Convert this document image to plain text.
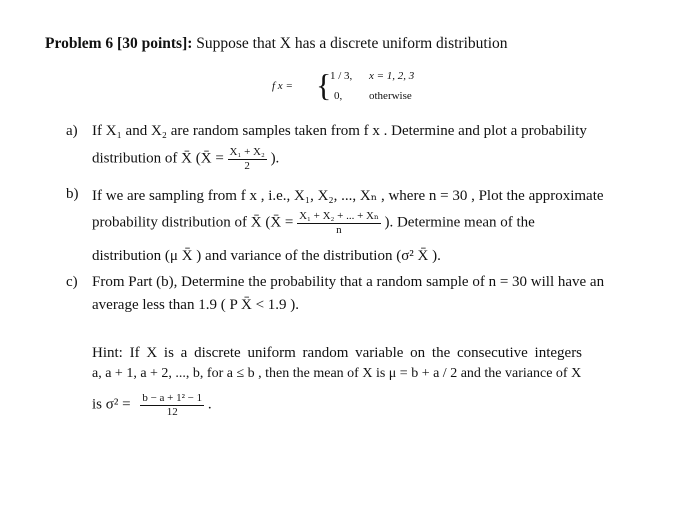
Problem 6 [30 points]: Suppose that X has a discrete uniform distribution
f x = {
1 / 3, x = 1, 2, 3
0, otherwise
a) If X₁ and X₂ are random samples taken from f x . Determine and plot a probability
distribution of X̄ (X̄ = $\frac{\text{X₁ + X₂}}{2}$ ).
b) If we are sampling from f x , i.e., X₁, X₂, ..., Xₙ , where n = 30 , Plot the approximate
probability distribution of X̄ (X̄ = $\frac{\text{X₁ + X₂ + ... + Xₙ}}{n}$ ). Determine mean of the
distribution (μ X̄ ) and variance of the distribution (σ² X̄ ).
c) From Part (b), Determine the probability that a random sample of n = 30 will have an
average less than 1.9 ( P X̄ < 1.9 ).
Hint: If X is a discrete uniform random variable on the consecutive integers
a, a + 1, a + 2, ..., b, for a ≤ b , then the mean of X is μ = b + a / 2 and the variance of X
is $\sigma^2 = \frac{\text{b − a + 1² − 1}}{12}$ .
